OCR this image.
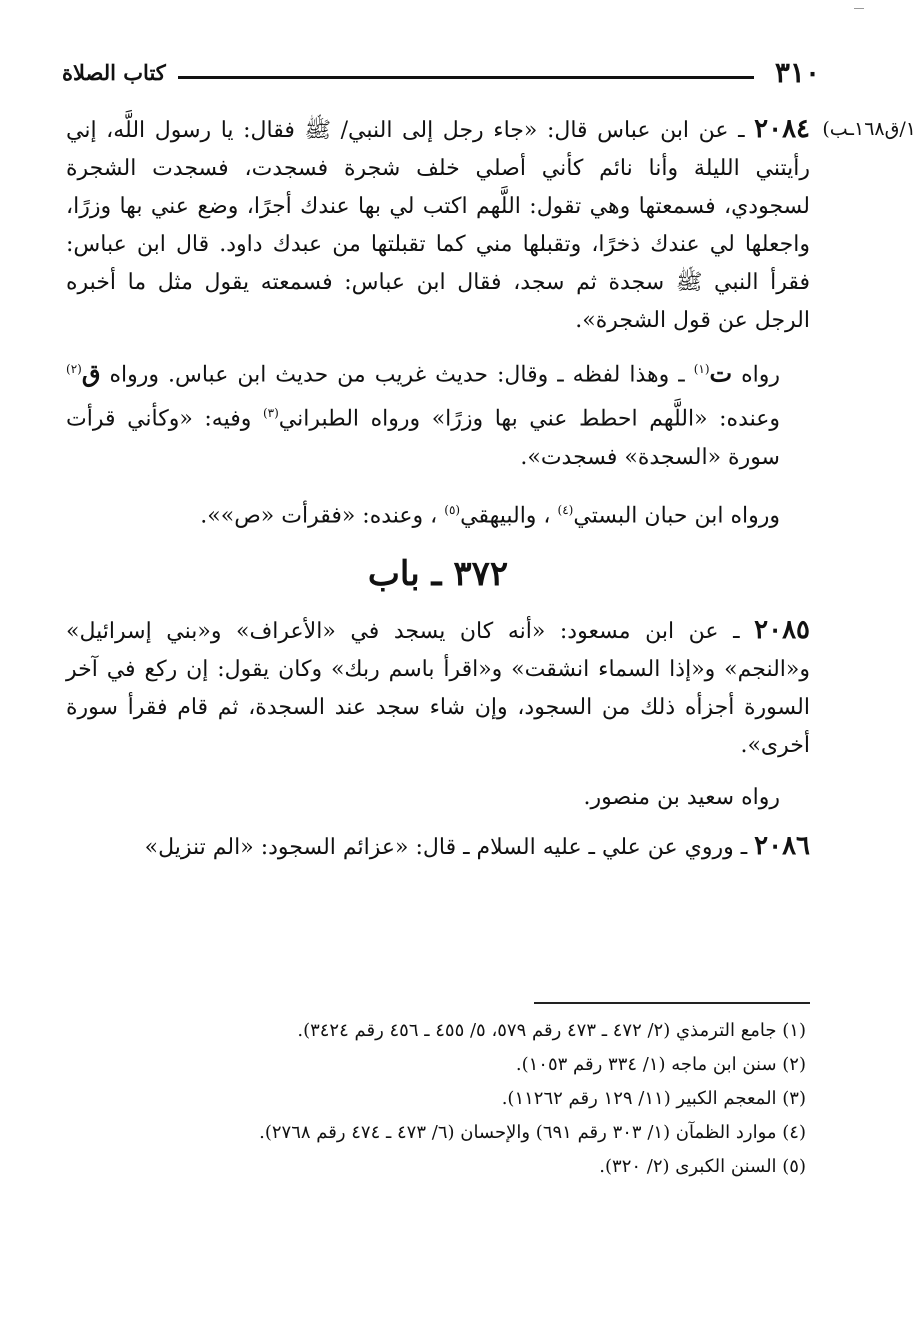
٣١٠
كتاب الصلاة
١/ق١٦٨ـب)

٢٠٨٤ ـ عن ابن عباس قال: «جاء رجل إلى النبي/ ﷺ فقال: يا رسول اللَّه، إني رأيتني الليلة وأنا نائم كأني أصلي خلف شجرة فسجدت، فسجدت الشجرة لسجودي، فسمعتها وهي تقول: اللَّهم اكتب لي بها عندك أجرًا، وضع عني بها وزرًا، واجعلها لي عندك ذخرًا، وتقبلها مني كما تقبلتها من عبدك داود. قال ابن عباس: فقرأ النبي ﷺ سجدة ثم سجد، فقال ابن عباس: فسمعته يقول مثل ما أخبره الرجل عن قول الشجرة».

رواه ت$^{(١)}$ ـ وهذا لفظه ـ وقال: حديث غريب من حديث ابن عباس. ورواه ق$^{(٢)}$ وعنده: «اللَّهم احطط عني بها وزرًا» ورواه الطبراني$^{(٣)}$ وفيه: «وكأني قرأت سورة «السجدة» فسجدت».

ورواه ابن حبان البستي$^{(٤)}$ ، والبيهقي$^{(٥)}$ ، وعنده: «فقرأت «ص»».

٣٧٢ ـ باب

٢٠٨٥ ـ عن ابن مسعود: «أنه كان يسجد في «الأعراف» و«بني إسرائيل» و«النجم» و«إذا السماء انشقت» و«اقرأ باسم ربك» وكان يقول: إن ركع في آخر السورة أجزأه ذلك من السجود، وإن شاء سجد عند السجدة، ثم قام فقرأ سورة أخرى».

رواه سعيد بن منصور.

٢٠٨٦ ـ وروي عن علي ـ عليه السلام ـ قال: «عزائم السجود: «الم تنزيل»

(١) جامع الترمذي (٢/ ٤٧٢ ـ ٤٧٣ رقم ٥٧٩، ٥/ ٤٥٥ ـ ٤٥٦ رقم ٣٤٢٤).
(٢) سنن ابن ماجه (١/ ٣٣٤ رقم ١٠٥٣).
(٣) المعجم الكبير (١١/ ١٢٩ رقم ١١٢٦٢).
(٤) موارد الظمآن (١/ ٣٠٣ رقم ٦٩١) والإحسان (٦/ ٤٧٣ ـ ٤٧٤ رقم ٢٧٦٨).
(٥) السنن الكبرى (٢/ ٣٢٠).
